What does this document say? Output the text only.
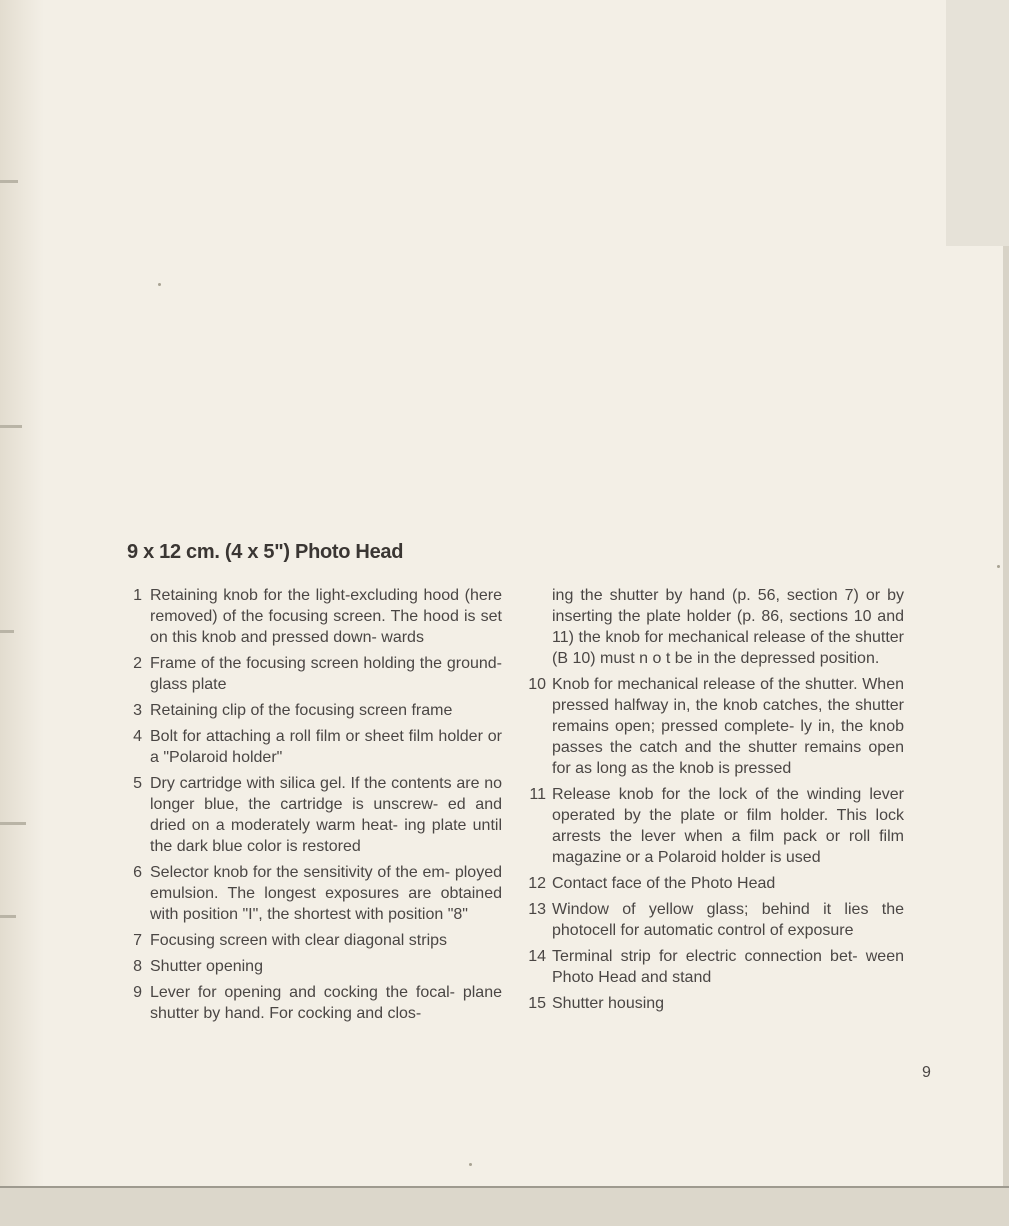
9 x 12 cm. (4 x 5") Photo Head
1 Retaining knob for the light-excluding hood (here removed) of the focusing screen. The hood is set on this knob and pressed down- wards
2 Frame of the focusing screen holding the ground-glass plate
3 Retaining clip of the focusing screen frame
4 Bolt for attaching a roll film or sheet film holder or a "Polaroid holder"
5 Dry cartridge with silica gel. If the contents are no longer blue, the cartridge is unscrew- ed and dried on a moderately warm heat- ing plate until the dark blue color is restored
6 Selector knob for the sensitivity of the em- ployed emulsion. The longest exposures are obtained with position "I", the shortest with position "8"
7 Focusing screen with clear diagonal strips
8 Shutter opening
9 Lever for opening and cocking the focal- plane shutter by hand. For cocking and clos-
ing the shutter by hand (p. 56, section 7) or by inserting the plate holder (p. 86, sections 10 and 11) the knob for mechanical release of the shutter (B 10) must n o t be in the depressed position.
10 Knob for mechanical release of the shutter. When pressed halfway in, the knob catches, the shutter remains open; pressed complete- ly in, the knob passes the catch and the shutter remains open for as long as the knob is pressed
11 Release knob for the lock of the winding lever operated by the plate or film holder. This lock arrests the lever when a film pack or roll film magazine or a Polaroid holder is used
12 Contact face of the Photo Head
13 Window of yellow glass; behind it lies the photocell for automatic control of exposure
14 Terminal strip for electric connection bet- ween Photo Head and stand
15 Shutter housing
9
